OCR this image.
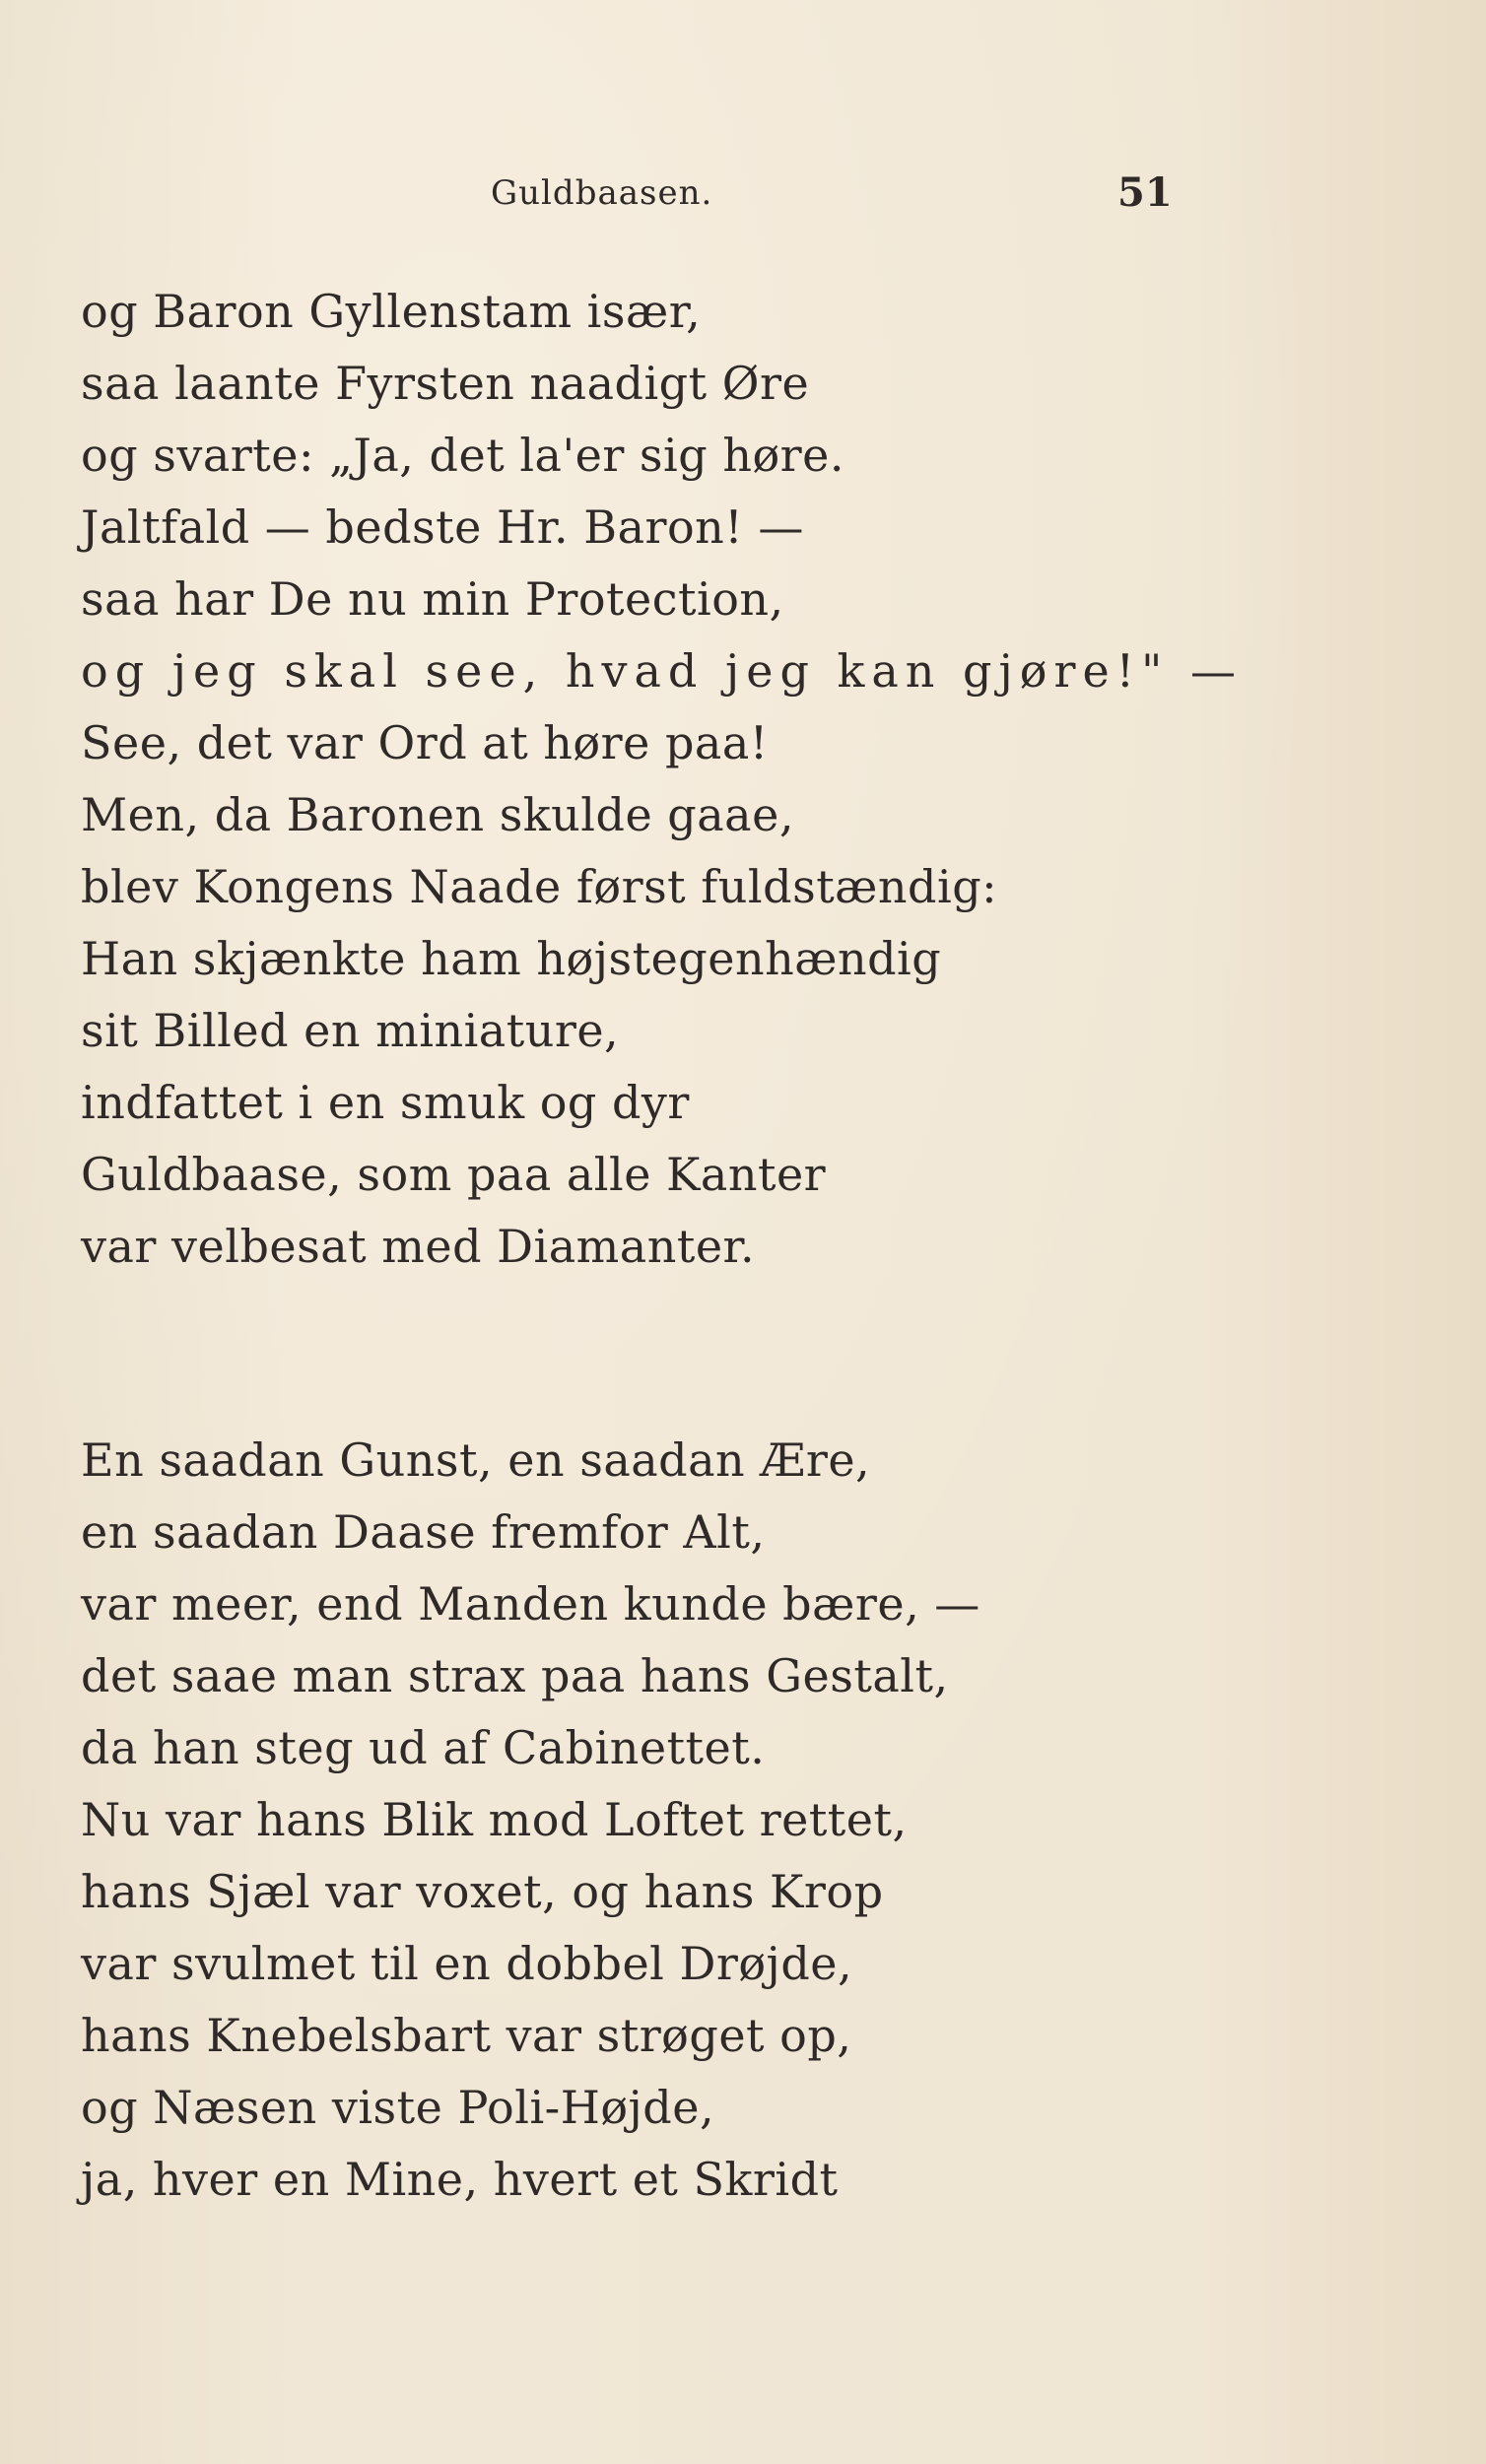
Guldbaasen.	51
og Baron Gyllenstam især,
saa laante Fyrsten naadigt Øre
og svarte: „Ja, det la'er sig høre.
Jaltfald — bedste Hr. Baron! —
saa har De nu min Protection,
og jeg skal see, hvad jeg kan gjøre!" —
See, det var Ord at høre paa!
Men, da Baronen skulde gaae,
blev Kongens Naade først fuldstændig:
Han skjænkte ham højstegenhændig
sit Billed en miniature,
indfattet i en smuk og dyr
Guldbaase, som paa alle Kanter
var velbesat med Diamanter.
En saadan Gunst, en saadan Ære,
en saadan Daase fremfor Alt,
var meer, end Manden kunde bære, —
det saae man strax paa hans Gestalt,
da han steg ud af Cabinettet.
Nu var hans Blik mod Loftet rettet,
hans Sjæl var voxet, og hans Krop
var svulmet til en dobbel Drøjde,
hans Knebelsbart var strøget op,
og Næsen viste Poli-Højde,
ja, hver en Mine, hvert et Skridt
